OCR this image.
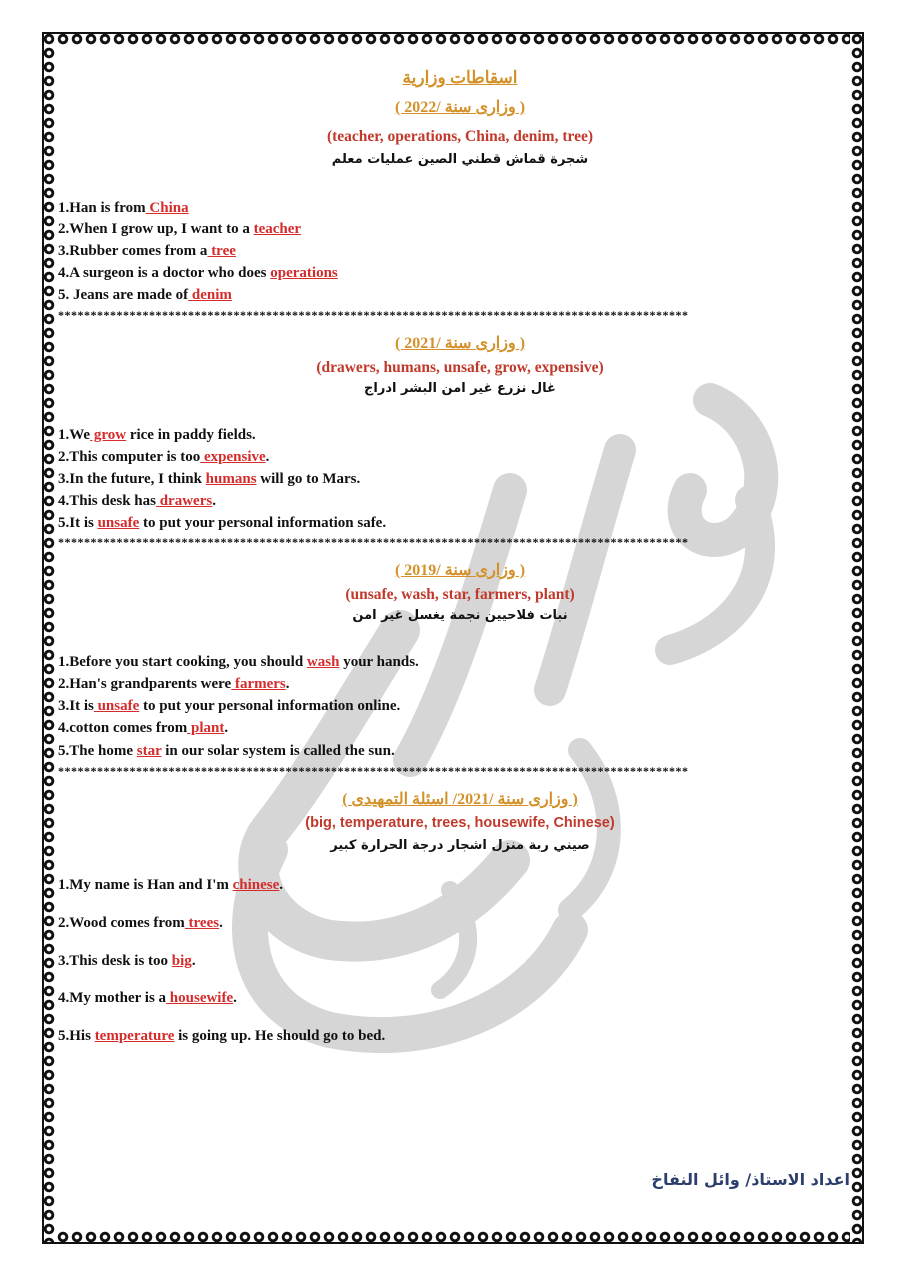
اسقاطات وزارية
( وزارى سنة /2022 )
(teacher, operations, China, denim, tree)
شجرة قماش قطني الصين عمليات معلم
1.Han is from China
2.When I grow up, I want to a teacher
3.Rubber comes from a tree
4.A surgeon is a doctor who does operations
5. Jeans are made of denim
*************************************************************************************************
( وزارى سنة /2021 )
(drawers, humans, unsafe, grow, expensive)
غال نزرع غير امن البشر ادراج
1.We grow rice in paddy fields.
2.This computer is too expensive.
3.In the future, I think humans will go to Mars.
4.This desk has drawers.
5.It is unsafe to put your personal information safe.
*************************************************************************************************
( وزارى سنة /2019 )
(unsafe, wash, star, farmers, plant)
نبات فلاحيين نجمة يغسل غير امن
1.Before you start cooking, you should wash your hands.
2.Han's grandparents were farmers.
3.It is unsafe to put your personal information online.
4.cotton comes from plant.
5.The home star in our solar system is called the sun.
*************************************************************************************************
( وزارى سنة /2021/ اسئلة التمهيدى )
(big, temperature, trees, housewife, Chinese)
صيني ربة منزل اشجار درجة الحرارة كبير
1.My name is Han and I'm chinese.
2.Wood comes from trees.
3.This desk is too big.
4.My mother is a housewife.
5.His temperature is going up. He should go to bed.
اعداد الاستاذ/ وائل النفاخ
